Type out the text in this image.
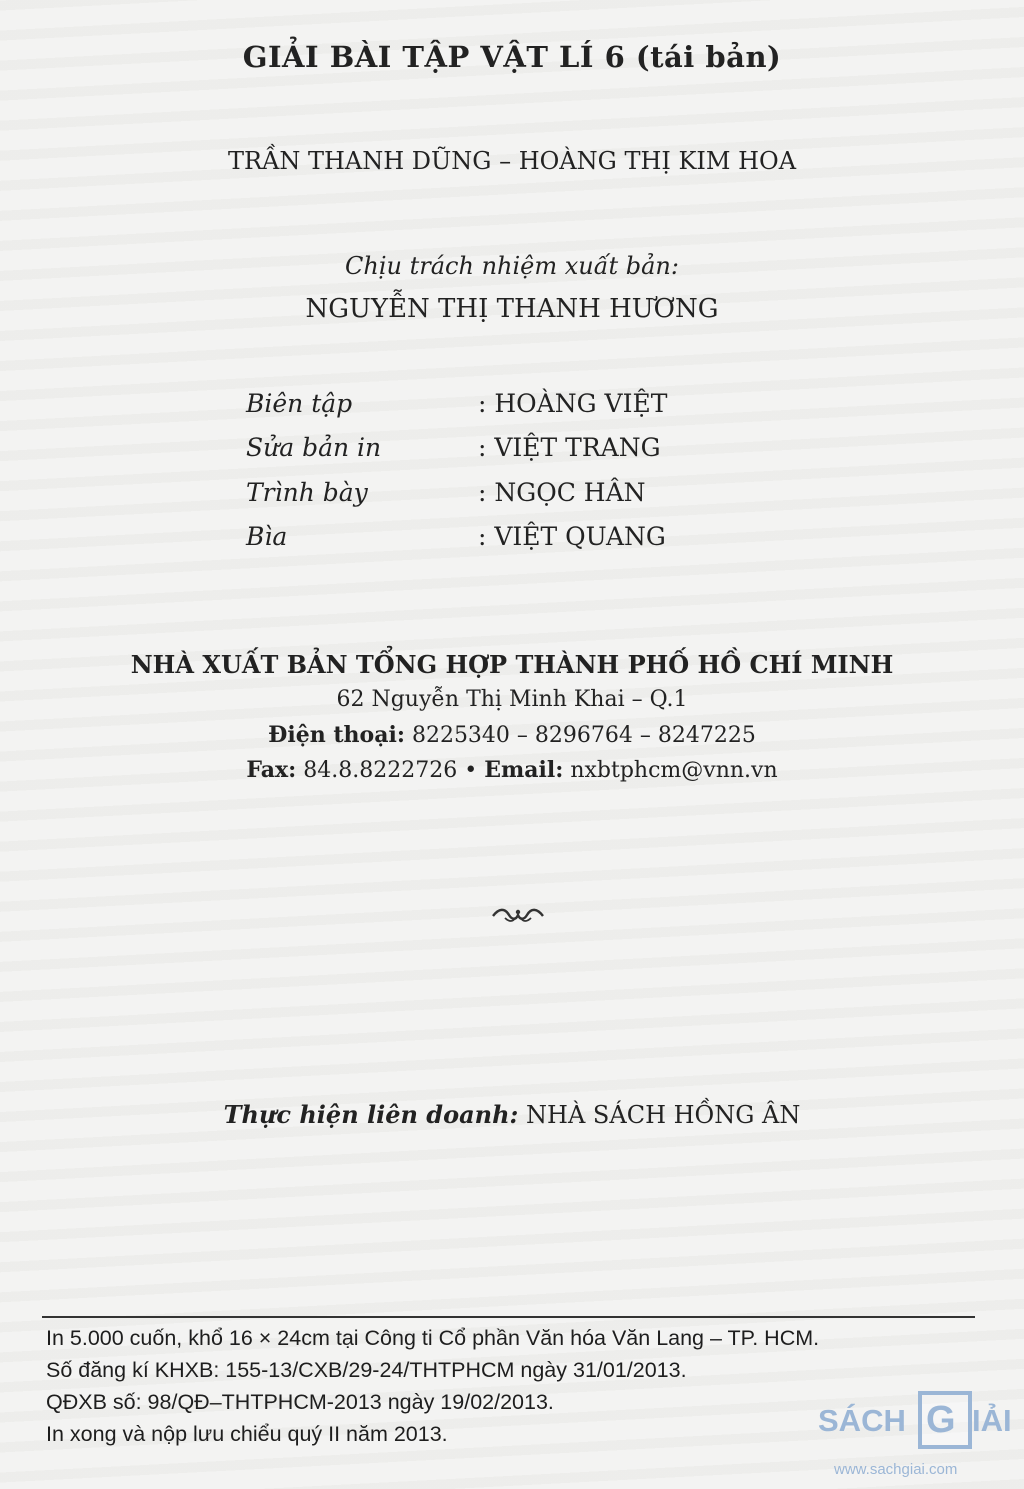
GIẢI BÀI TẬP VẬT LÍ 6 (tái bản)
TRẦN THANH DŨNG – HOÀNG THỊ KIM HOA
Chịu trách nhiệm xuất bản:
NGUYỄN THỊ THANH HƯƠNG
Biên tập	: HOÀNG VIỆT
Sửa bản in	: VIỆT TRANG
Trình bày	: NGỌC HÂN
Bìa	: VIỆT QUANG
NHÀ XUẤT BẢN TỔNG HỢP THÀNH PHỐ HỒ CHÍ MINH
62 Nguyễn Thị Minh Khai – Q.1
Điện thoại: 8225340 – 8296764 – 8247225
Fax: 84.8.8222726 • Email: nxbtphcm@vnn.vn
Thực hiện liên doanh: NHÀ SÁCH HỒNG ÂN
In 5.000 cuốn, khổ 16 × 24cm tại Công ti Cổ phần Văn hóa Văn Lang – TP. HCM.
Số đăng kí KHXB: 155-13/CXB/29-24/THTPHCM ngày 31/01/2013.
QĐXB số: 98/QĐ–THTPHCM-2013 ngày 19/02/2013.
In xong và nộp lưu chiểu quý II năm 2013.	SÁCH G IẢI
www.sachgiai.com
